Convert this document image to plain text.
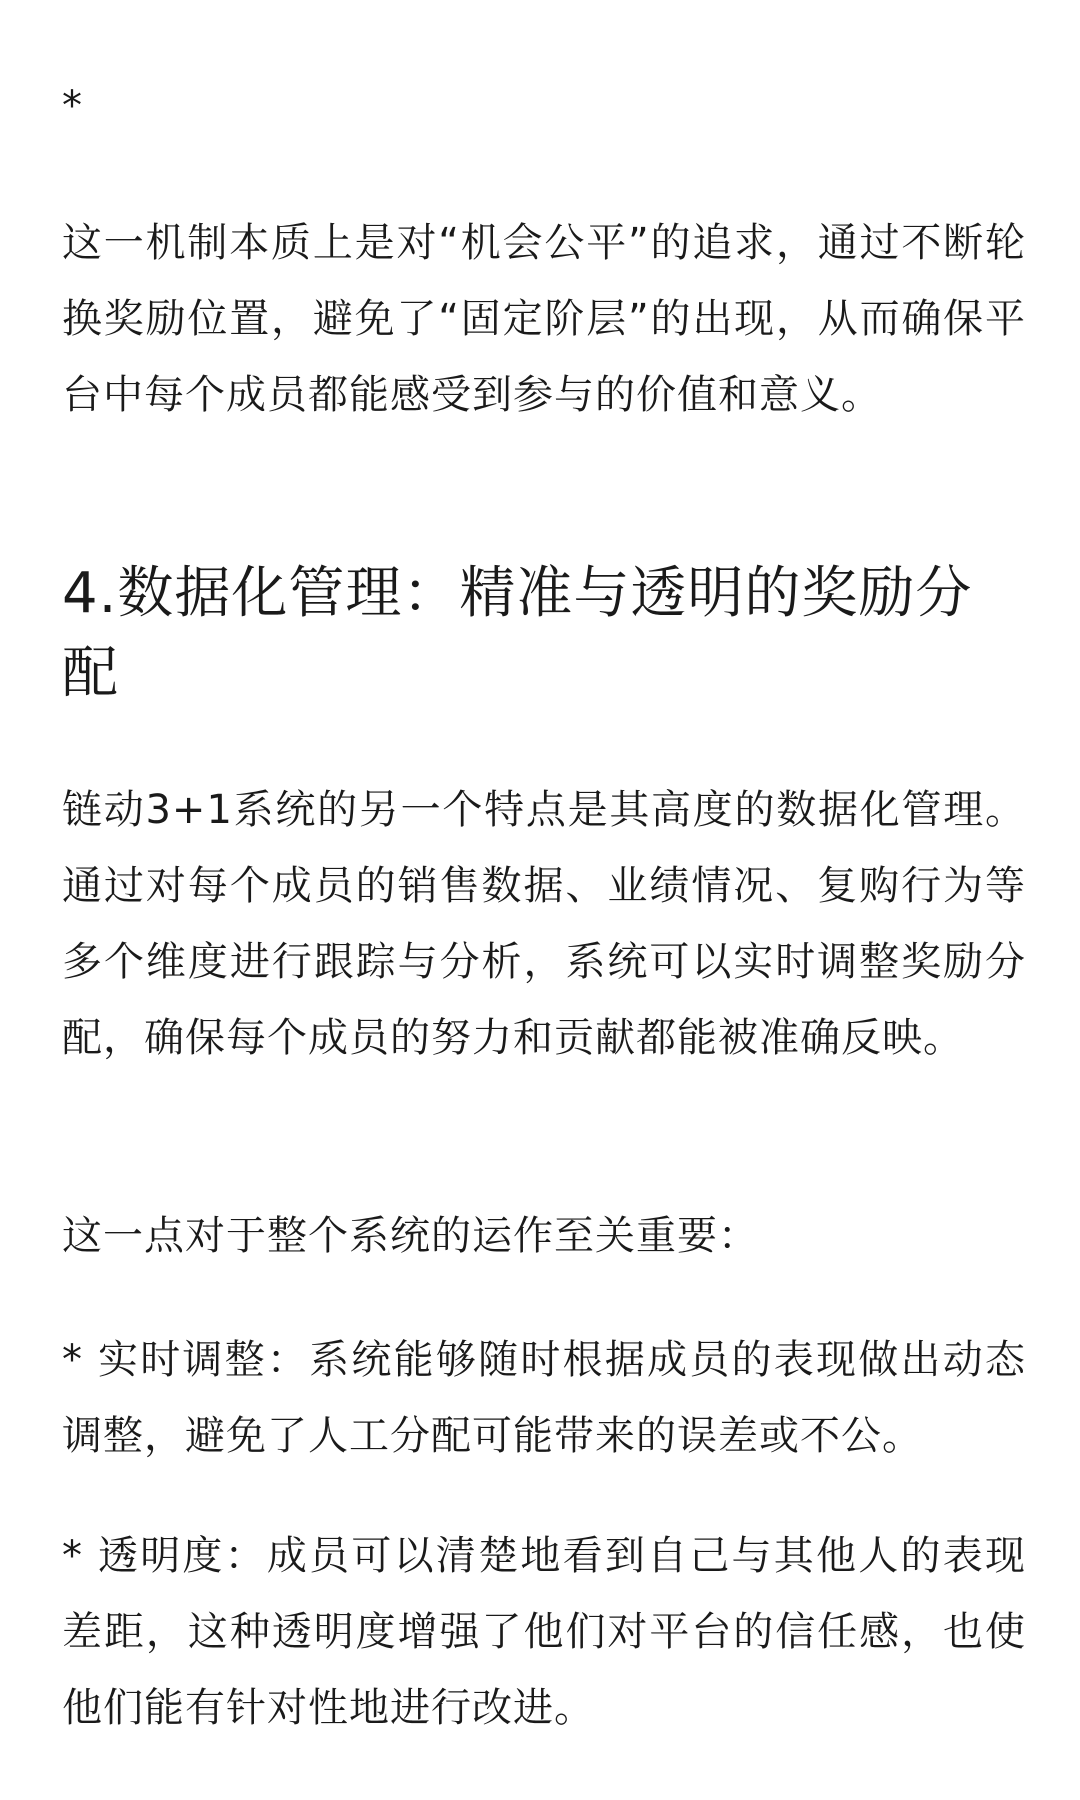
*

这一机制本质上是对“机会公平”的追求，通过不断轮换奖励位置，避免了“固定阶层”的出现，从而确保平台中每个成员都能感受到参与的价值和意义。

4.数据化管理：精准与透明的奖励分配

链动3+1系统的另一个特点是其高度的数据化管理。通过对每个成员的销售数据、业绩情况、复购行为等多个维度进行跟踪与分析，系统可以实时调整奖励分配，确保每个成员的努力和贡献都能被准确反映。

这一点对于整个系统的运作至关重要：

* 实时调整：系统能够随时根据成员的表现做出动态调整，避免了人工分配可能带来的误差或不公。

* 透明度：成员可以清楚地看到自己与其他人的表现差距，这种透明度增强了他们对平台的信任感，也使他们能有针对性地进行改进。
